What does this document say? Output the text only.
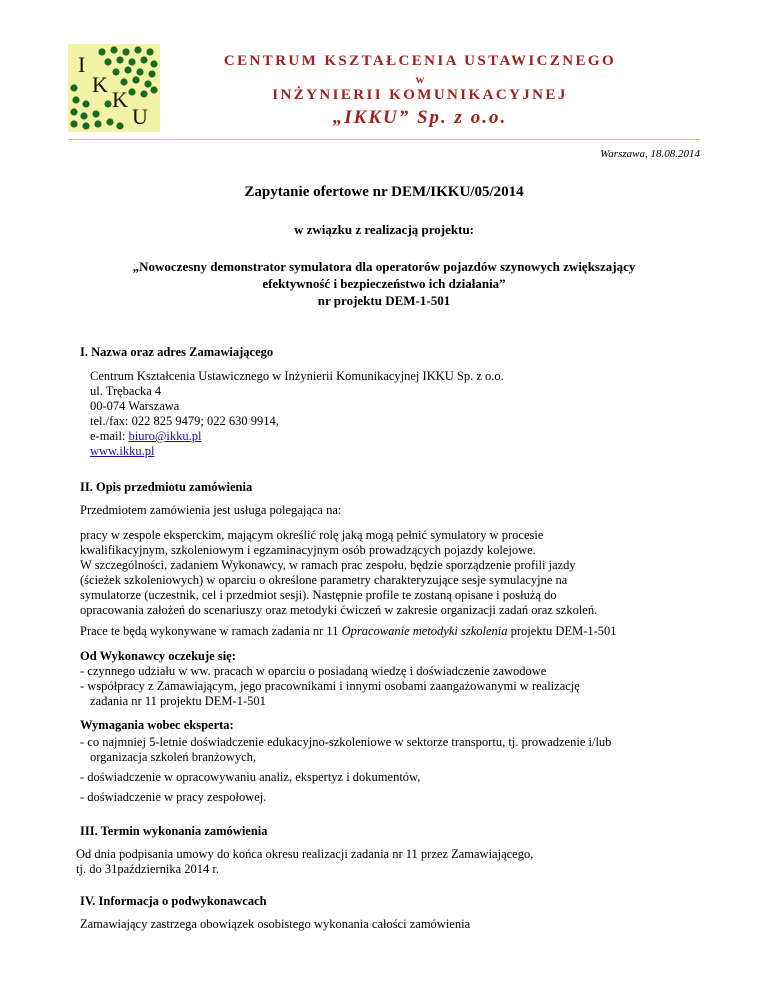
I
K
K
U
CENTRUM KSZTAŁCENIA USTAWICZNEGO
w
INŻYNIERII KOMUNIKACYJNEJ
„IKKU” Sp. z o.o.
Warszawa, 18.08.2014
Zapytanie ofertowe nr DEM/IKKU/05/2014
w związku z realizacją projektu:
„Nowoczesny demonstrator symulatora dla operatorów pojazdów szynowych zwiększający
efektywność i bezpieczeństwo ich działania”
nr projektu DEM-1-501
I. Nazwa oraz adres Zamawiającego
Centrum Kształcenia Ustawicznego w Inżynierii Komunikacyjnej IKKU Sp. z o.o.
ul. Trębacka 4
00-074 Warszawa
tel./fax: 022 825 9479; 022 630 9914,
e-mail: biuro@ikku.pl
www.ikku.pl
II. Opis przedmiotu zamówienia
Przedmiotem zamówienia jest usługa polegająca na:
pracy w zespole eksperckim, mającym określić rolę jaką mogą pełnić symulatory w procesie
kwalifikacyjnym, szkoleniowym i egzaminacyjnym osób prowadzących pojazdy kolejowe.
W szczególności, zadaniem Wykonawcy, w ramach prac zespołu, będzie sporządzenie profili jazdy
(ścieżek szkoleniowych) w oparciu o określone parametry charakteryzujące sesje symulacyjne na
symulatorze (uczestnik, cel i przedmiot sesji). Następnie profile te zostaną opisane i posłużą do
opracowania założeń do scenariuszy oraz metodyki ćwiczeń w zakresie organizacji zadań oraz szkoleń.
Prace te będą wykonywane w ramach zadania nr 11 Opracowanie metodyki szkolenia projektu DEM-1-501
Od Wykonawcy oczekuje się:
- czynnego udziału w ww. pracach w oparciu o posiadaną wiedzę i doświadczenie zawodowe
- współpracy z Zamawiającym, jego pracownikami i innymi osobami zaangażowanymi w realizację
zadania nr 11 projektu DEM-1-501
Wymagania wobec eksperta:
- co najmniej 5-letnie doświadczenie edukacyjno-szkoleniowe w sektorze transportu, tj. prowadzenie i/lub
organizacja szkoleń branżowych,
- doświadczenie w opracowywaniu analiz, ekspertyz i dokumentów,
- doświadczenie w pracy zespołowej.
III. Termin wykonania zamówienia
Od dnia podpisania umowy do końca okresu realizacji zadania nr 11 przez Zamawiającego,
tj. do 31października 2014 r.
IV. Informacja o podwykonawcach
Zamawiający zastrzega obowiązek osobistego wykonania całości zamówienia
